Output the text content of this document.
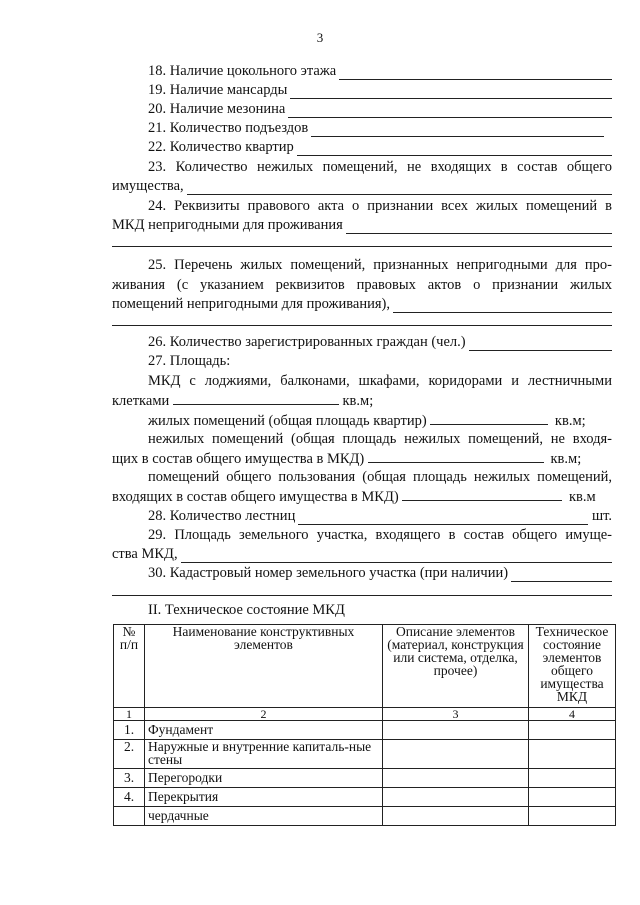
3
18. Наличие цокольного этажа
19. Наличие мансарды
20. Наличие мезонина
21. Количество подъездов
22. Количество квартир
23. Количество нежилых помещений, не входящих в состав общего
имущества,
24. Реквизиты правового акта о признании всех жилых помещений в
МКД непригодными для проживания
25. Перечень жилых помещений, признанных непригодными для про-
живания (с указанием реквизитов правовых актов о признании жилых
помещений непригодными для проживания),
26. Количество зарегистрированных граждан (чел.)
27. Площадь:
МКД с лоджиями, балконами, шкафами, коридорами и лестничными
клетками	кв.м;
жилых помещений (общая площадь квартир)	кв.м;
нежилых помещений (общая площадь нежилых помещений, не входя-
щих в состав общего имущества в МКД)	кв.м;
помещений общего пользования (общая площадь нежилых помещений,
входящих в состав общего имущества в МКД)	кв.м
28. Количество лестниц	шт.
29. Площадь земельного участка, входящего в состав общего имуще-
ства МКД,
30. Кадастровый номер земельного участка (при наличии)
II. Техническое состояние МКД
№ п/п	Наименование конструктивных элементов	Описание элементов (материал, конструкция или система, отделка, прочее)	Техническое состояние элементов общего имущества МКД
1	2	3	4
1.	Фундамент		
2.	Наружные и внутренние капиталь-ные стены		
3.	Перегородки		
4.	Перекрытия		
	чердачные		
